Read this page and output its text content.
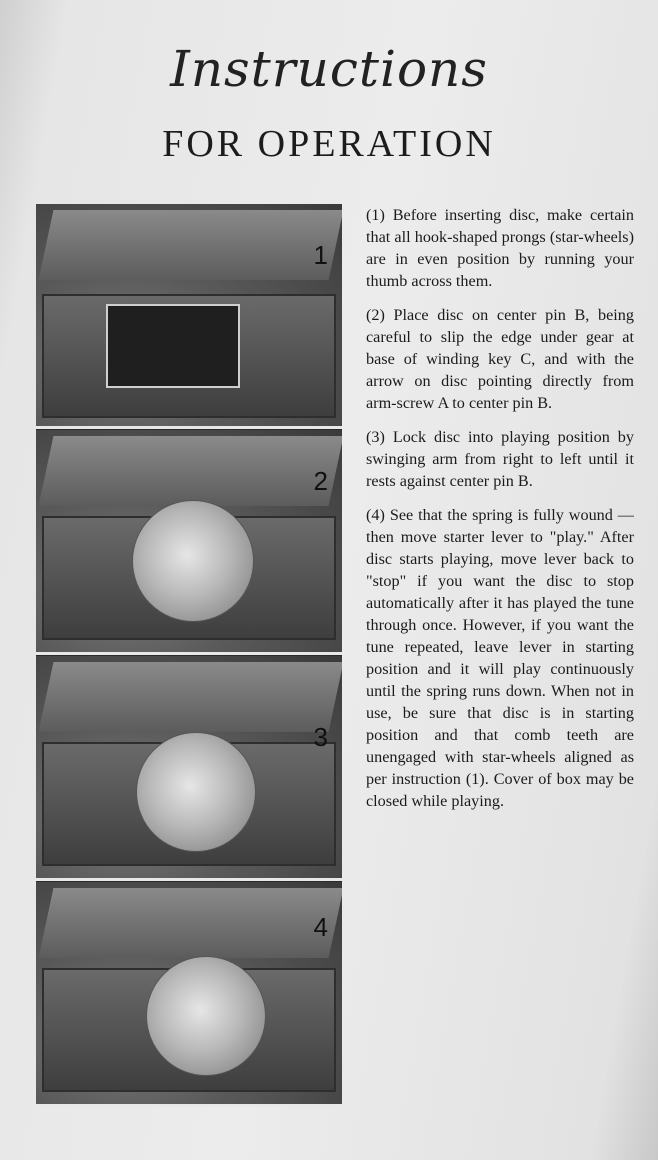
Instructions
FOR OPERATION
1
2
3
4

(1) Before inserting disc, make certain that all hook-shaped prongs (star-wheels) are in even position by running your thumb across them.

(2) Place disc on center pin B, being careful to slip the edge under gear at base of winding key C, and with the arrow on disc pointing directly from arm-screw A to center pin B.

(3) Lock disc into playing position by swinging arm from right to left until it rests against center pin B.

(4) See that the spring is fully wound — then move starter lever to "play." After disc starts playing, move lever back to "stop" if you want the disc to stop automatically after it has played the tune through once. However, if you want the tune repeated, leave lever in starting position and it will play continuously until the spring runs down. When not in use, be sure that disc is in starting position and that comb teeth are unengaged with star-wheels aligned as per instruction (1). Cover of box may be closed while playing.
